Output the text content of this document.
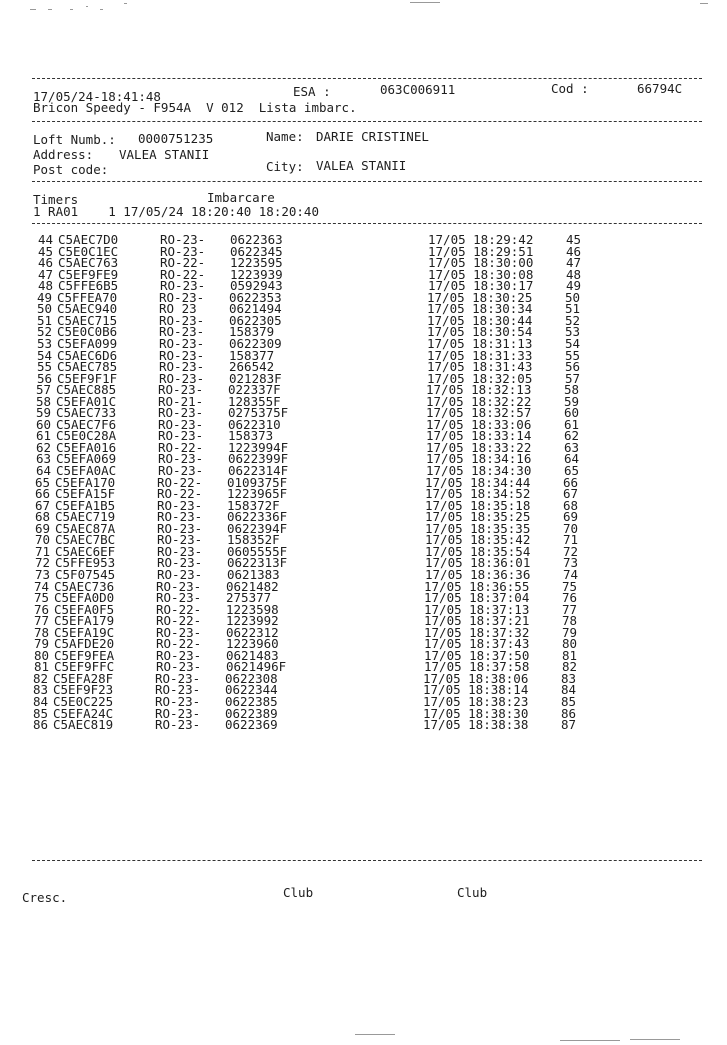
17/05/24-18:41:48	ESA :	063C006911	Cod :	66794C
Bricon Speedy - F954A  V 012  Lista imbarc.
Loft Numb.: 0000751235	Name: DARIE CRISTINEL
Address: VALEA STANII
Post code:	City: VALEA STANII
Timers	Imbarcare
1 RA01    1 17/05/24 18:20:40 18:20:40
44 C5AEC7D0	RO-23- 0622363	17/05 18:29:42	45
45 C5E0C1EC	RO-23- 0622345	17/05 18:29:51	46
46 C5AEC763	RO-22- 1223595	17/05 18:30:00	47
47 C5EF9FE9	RO-22- 1223939	17/05 18:30:08	48
48 C5FFE6B5	RO-23- 0592943	17/05 18:30:17	49
49 C5FFEA70	RO-23- 0622353	17/05 18:30:25	50
50 C5AEC940	RO 23	0621494	17/05 18:30:34	51
51 C5AEC715	RO-23- 0622305	17/05 18:30:44	52
52 C5E0C0B6	RO-23- 158379	17/05 18:30:54	53
53 C5EFA099	RO-23- 0622309	17/05 18:31:13	54
54 C5AEC6D6	RO-23- 158377	17/05 18:31:33	55
55 C5AEC785	RO-23- 266542	17/05 18:31:43	56
56 C5EF9F1F	RO-23- 021283F	17/05 18:32:05	57
57 C5AEC885	RO-23- 022337F	17/05 18:32:13	58
58 C5EFA01C	RO-21- 128355F	17/05 18:32:22	59
59 C5AEC733	RO-23- 0275375F	17/05 18:32:57	60
60 C5AEC7F6	RO-23- 0622310	17/05 18:33:06	61
61 C5E0C28A	RO-23- 158373	17/05 18:33:14	62
62 C5EFA016	RO-22- 1223994F	17/05 18:33:22	63
63 C5EFA069	RO-23- 0622399F	17/05 18:34:16	64
64 C5EFA0AC	RO-23- 0622314F	17/05 18:34:30	65
65 C5EFA170	RO-22- 0109375F	17/05 18:34:44	66
66 C5EFA15F	RO-22- 1223965F	17/05 18:34:52	67
67 C5EFA1B5	RO-23- 158372F	17/05 18:35:18	68
68 C5AEC719	RO-23- 0622336F	17/05 18:35:25	69
69 C5AEC87A	RO-23- 0622394F	17/05 18:35:35	70
70 C5AEC7BC	RO-23- 158352F	17/05 18:35:42	71
71 C5AEC6EF	RO-23- 0605555F	17/05 18:35:54	72
72 C5FFE953	RO-23- 0622313F	17/05 18:36:01	73
73 C5F07545	RO-23- 0621383	17/05 18:36:36	74
74 C5AEC736	RO-23- 0621482	17/05 18:36:55	75
75 C5EFA0D0	RO-23- 275377	17/05 18:37:04	76
76 C5EFA0F5	RO-22- 1223598	17/05 18:37:13	77
77 C5EFA179	RO-22- 1223992	17/05 18:37:21	78
78 C5EFA19C	RO-23- 0622312	17/05 18:37:32	79
79 C5AFDE20	RO-22- 1223960	17/05 18:37:43	80
80 C5EF9FEA	RO-23- 0621483	17/05 18:37:50	81
81 C5EF9FFC	RO-23- 0621496F	17/05 18:37:58	82
82 C5EFA28F	RO-23- 0622308	17/05 18:38:06	83
83 C5EF9F23	RO-23- 0622344	17/05 18:38:14	84
84 C5E0C225	RO-23- 0622385	17/05 18:38:23	85
85 C5EFA24C	RO-23- 0622389	17/05 18:38:30	86
86 C5AEC819	RO-23- 0622369	17/05 18:38:38	87
Cresc.	Club	Club
